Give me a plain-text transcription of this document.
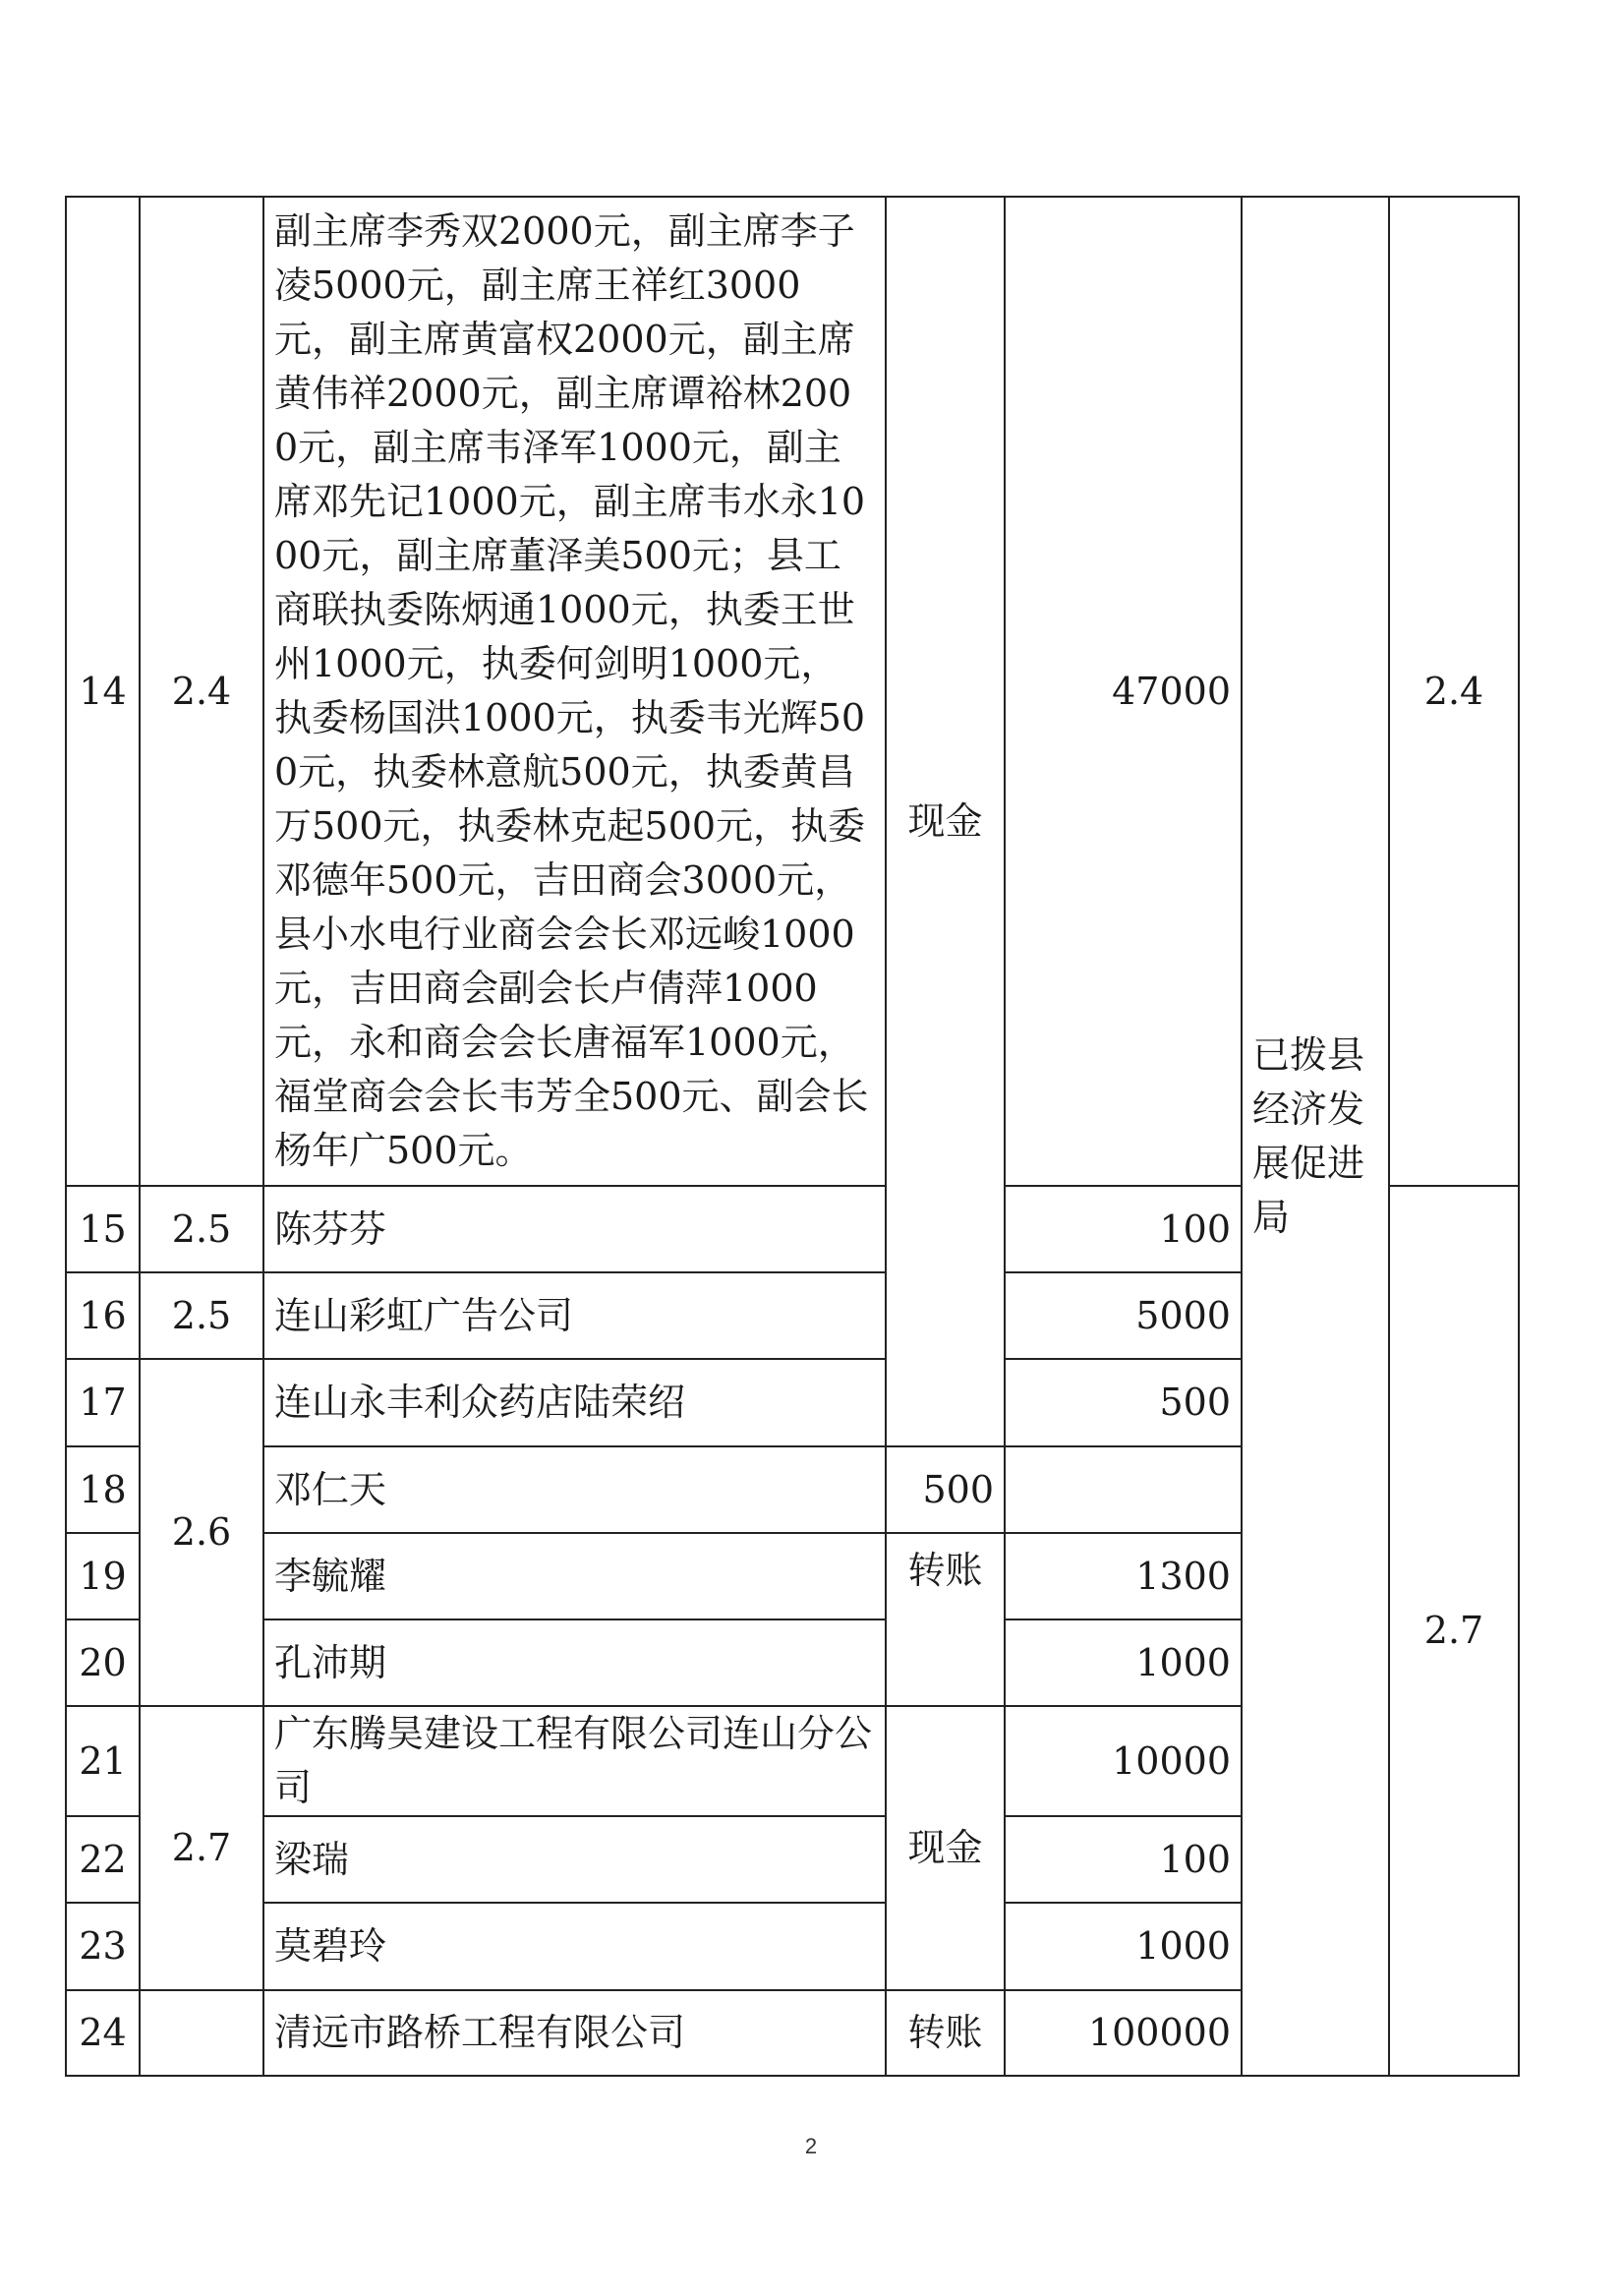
14	2.4	副主席李秀双2000元，副主席李子凌5000元，副主席王祥红3000元，副主席黄富权2000元，副主席黄伟祥2000元，副主席谭裕林2000元，副主席韦泽军1000元，副主席邓先记1000元，副主席韦水永1000元，副主席董泽美500元；县工商联执委陈炳通1000元，执委王世州1000元，执委何剑明1000元，执委杨国洪1000元，执委韦光辉500元，执委林意航500元，执委黄昌万500元，执委林克起500元，执委邓德年500元，吉田商会3000元，县小水电行业商会会长邓远峻1000元，吉田商会副会长卢倩萍1000元，永和商会会长唐福军1000元，福堂商会会长韦芳全500元、副会长杨年广500元。	现金	47000	已拨县经济发展促进局	2.4
15	2.5	陈芬芬		100		2.7
16	2.5	连山彩虹广告公司		5000		
17	2.6	连山永丰利众药店陆荣绍		500		
18		邓仁天	500			
19		李毓耀	转账	1300		
20		孔沛期		1000		
21	2.7	广东腾昊建设工程有限公司连山分公司	现金	10000		
22		梁瑞		100		
23		莫碧玲		1000		
24		清远市路桥工程有限公司	转账	100000		
2
